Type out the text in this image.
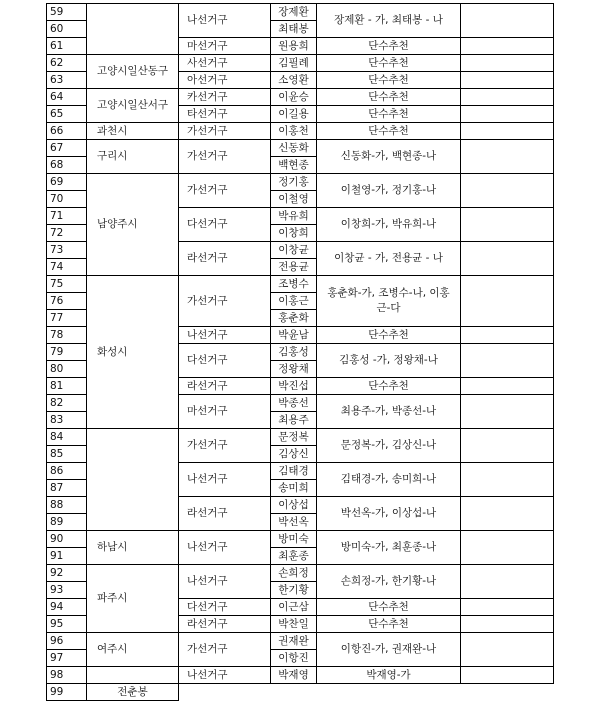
59		나선거구	장제환	장제환 - 가, 최태봉 - 나	
60			최태봉		
61		마선거구	원용희	단수추천	
62	고양시일산동구	사선거구	김필례	단수추천	
63		아선거구	소영환	단수추천	
64	고양시일산서구	카선거구	이윤승	단수추천	
65		타선거구	이길용	단수추천	
66	과천시	가선거구	이홍천	단수추천	
67	구리시	가선거구	신동화	신동화-가, 백현종-나	
68			백현종		
69	남양주시	가선거구	정기홍	이철영-가, 정기홍-나	
70			이철영		
71		다선거구	박유희	이창희-가, 박유희-나	
72			이창희		
73		라선거구	이창균	이창균 - 가, 전용균 - 나	
74			전용균		
75	화성시	가선거구	조병수	홍춘화-가, 조병수-나, 이홍근-다	
76			이홍근		
77			홍춘화		
78		나선거구	박윤남	단수추천	
79		다선거구	김홍성	김홍성 -가, 정왕채-나	
80			정왕채		
81		라선거구	박진섭	단수추천	
82		마선거구	박종선	최용주-가, 박종선-나	
83			최용주		
84		가선거구	문정복	문정복-가, 김상신-나	
85			김상신		
86		나선거구	김태경	김태경-가, 송미희-나	
87			송미희		
88		라선거구	이상섭	박선옥-가, 이상섭-나	
89			박선옥		
90	하남시	나선거구	방미숙	방미숙-가, 최훈종-나	
91			최훈종		
92	파주시	나선거구	손희정	손희정-가, 한기황-나	
93			한기황		
94		다선거구	이근삼	단수추천	
95		라선거구	박찬일	단수추천	
96	여주시	가선거구	권재완	이항진-가, 권재완-나	
97			이항진		
98		나선거구	박재영	박재영-가	
99	전춘봉				
